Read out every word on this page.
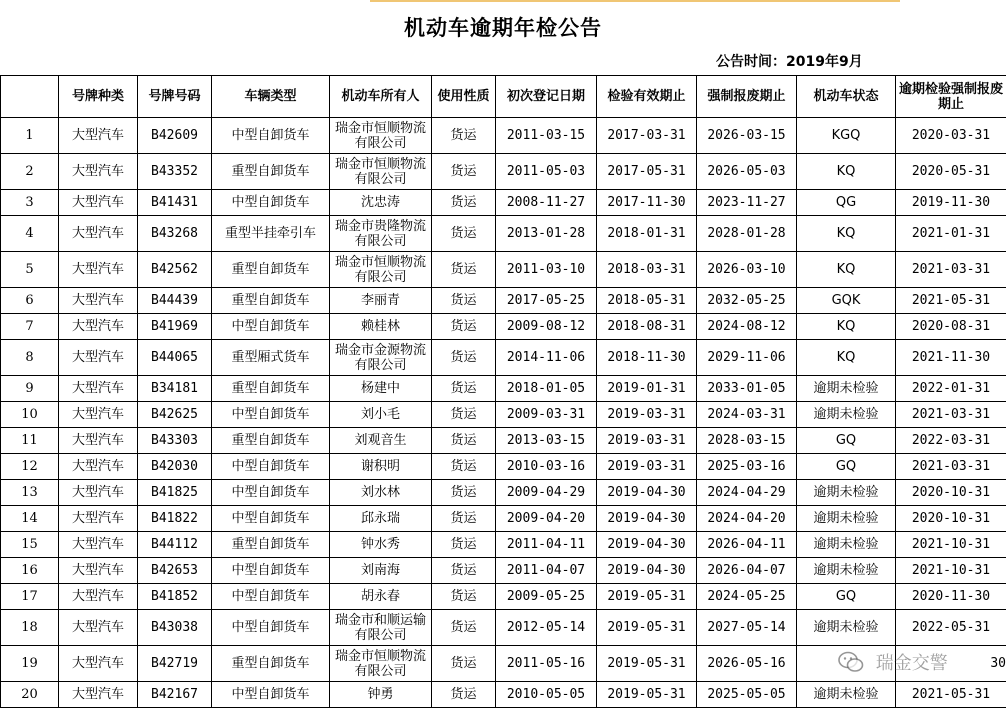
机动车逾期年检公告
公告时间：2019年9月
	号牌种类	号牌号码	车辆类型	机动车所有人	使用性质	初次登记日期	检验有效期止	强制报废期止	机动车状态	逾期检验强制报废期止
1	大型汽车	B42609	中型自卸货车	瑞金市恒顺物流有限公司	货运	2011-03-15	2017-03-31	2026-03-15	KGQ	2020-03-31
2	大型汽车	B43352	重型自卸货车	瑞金市恒顺物流有限公司	货运	2011-05-03	2017-05-31	2026-05-03	KQ	2020-05-31
3	大型汽车	B41431	中型自卸货车	沈忠涛	货运	2008-11-27	2017-11-30	2023-11-27	QG	2019-11-30
4	大型汽车	B43268	重型半挂牵引车	瑞金市贵隆物流有限公司	货运	2013-01-28	2018-01-31	2028-01-28	KQ	2021-01-31
5	大型汽车	B42562	重型自卸货车	瑞金市恒顺物流有限公司	货运	2011-03-10	2018-03-31	2026-03-10	KQ	2021-03-31
6	大型汽车	B44439	重型自卸货车	李丽青	货运	2017-05-25	2018-05-31	2032-05-25	GQK	2021-05-31
7	大型汽车	B41969	中型自卸货车	赖桂林	货运	2009-08-12	2018-08-31	2024-08-12	KQ	2020-08-31
8	大型汽车	B44065	重型厢式货车	瑞金市金源物流有限公司	货运	2014-11-06	2018-11-30	2029-11-06	KQ	2021-11-30
9	大型汽车	B34181	重型自卸货车	杨建中	货运	2018-01-05	2019-01-31	2033-01-05	逾期未检验	2022-01-31
10	大型汽车	B42625	中型自卸货车	刘小毛	货运	2009-03-31	2019-03-31	2024-03-31	逾期未检验	2021-03-31
11	大型汽车	B43303	重型自卸货车	刘观音生	货运	2013-03-15	2019-03-31	2028-03-15	GQ	2022-03-31
12	大型汽车	B42030	中型自卸货车	谢积明	货运	2010-03-16	2019-03-31	2025-03-16	GQ	2021-03-31
13	大型汽车	B41825	中型自卸货车	刘水林	货运	2009-04-29	2019-04-30	2024-04-29	逾期未检验	2020-10-31
14	大型汽车	B41822	中型自卸货车	邱永瑞	货运	2009-04-20	2019-04-30	2024-04-20	逾期未检验	2020-10-31
15	大型汽车	B44112	重型自卸货车	钟水秀	货运	2011-04-11	2019-04-30	2026-04-11	逾期未检验	2021-10-31
16	大型汽车	B42653	中型自卸货车	刘南海	货运	2011-04-07	2019-04-30	2026-04-07	逾期未检验	2021-10-31
17	大型汽车	B41852	中型自卸货车	胡永春	货运	2009-05-25	2019-05-31	2024-05-25	GQ	2020-11-30
18	大型汽车	B43038	中型自卸货车	瑞金市和顺运输有限公司	货运	2012-05-14	2019-05-31	2027-05-14	逾期未检验	2022-05-31
19	大型汽车	B42719	重型自卸货车	瑞金市恒顺物流有限公司	货运	2011-05-16	2019-05-31	2026-05-16		30
20	大型汽车	B42167	中型自卸货车	钟勇	货运	2010-05-05	2019-05-31	2025-05-05	逾期未检验	2021-05-31
瑞金交警
